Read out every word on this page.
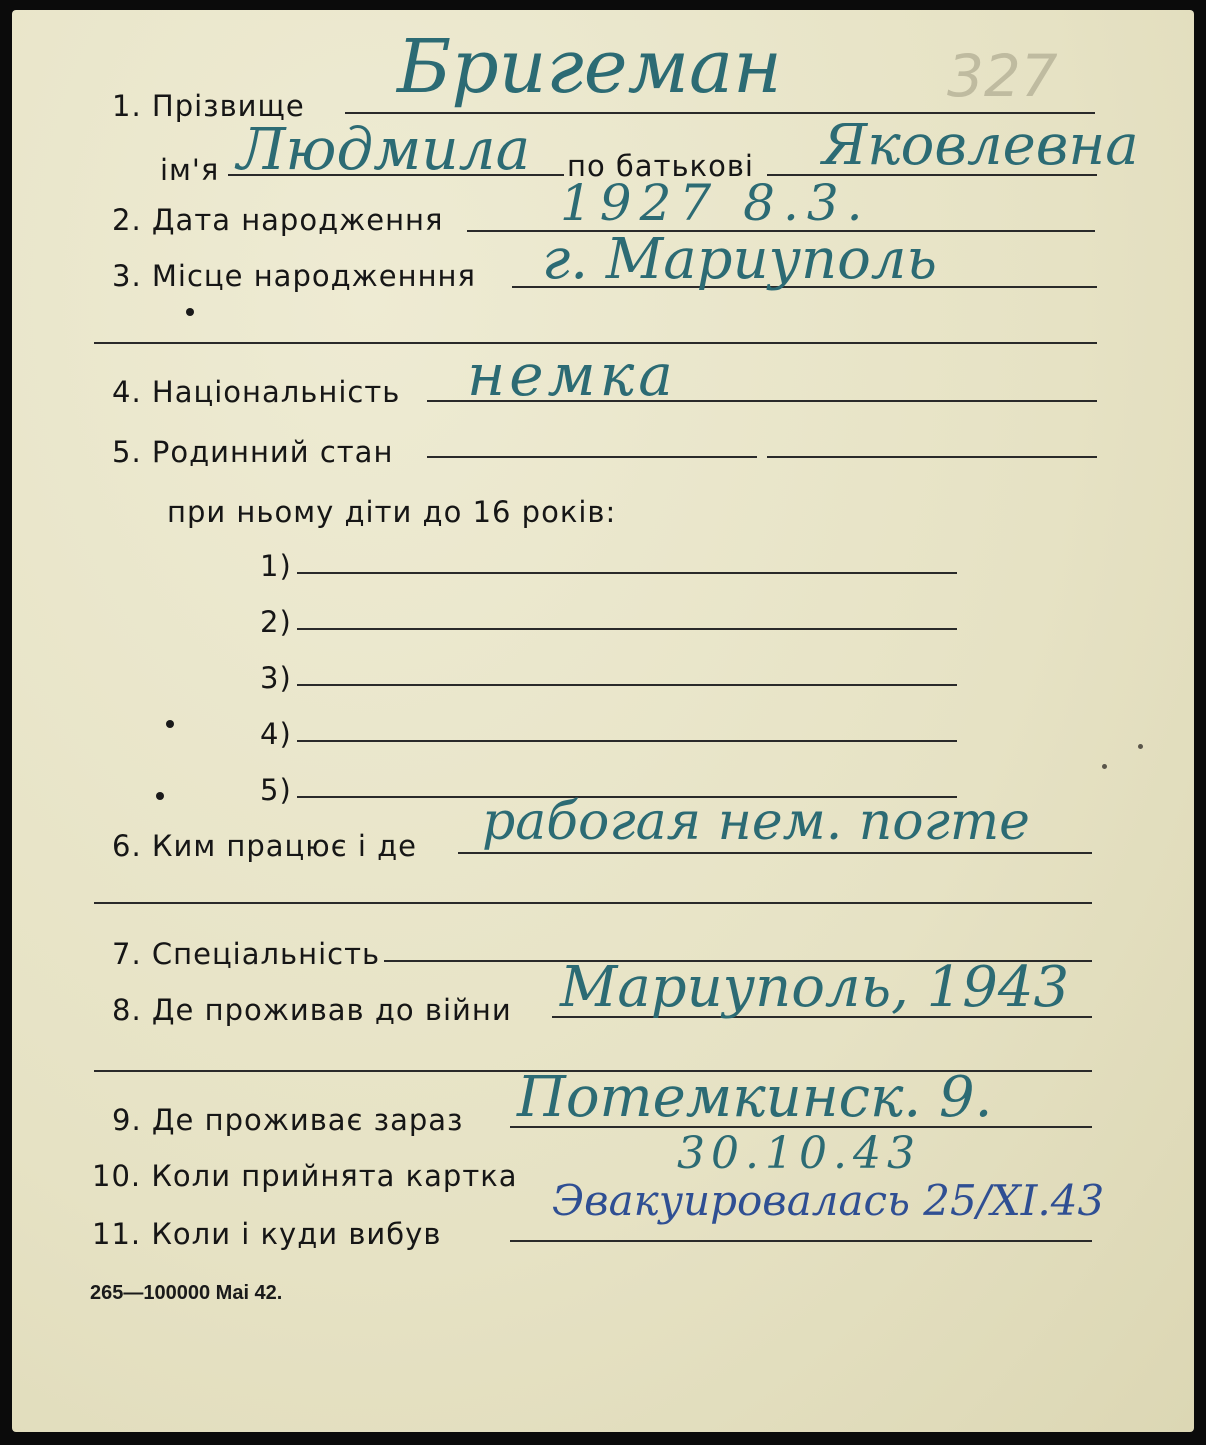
327
1. Прізвище Бригеман
ім'я Людмила по батькові Яковлевна
2. Дата народження 1927 8.3.
3. Місце народженння г. Мариуполь
4. Національність немка
5. Родинний стан
при ньому діти до 16 років:
1)
2)
3)
4)
5)
6. Ким працює і де рабогая нем. погте
7. Спеціальність
8. Де проживав до війни Мариуполь, 1943
9. Де проживає зараз Потемкинск. 9.
10. Коли прийнята картка	30.10.43
11. Коли і куди вибув
Эвакуировалась 25/XI.43
265—100000 Mai 42.
